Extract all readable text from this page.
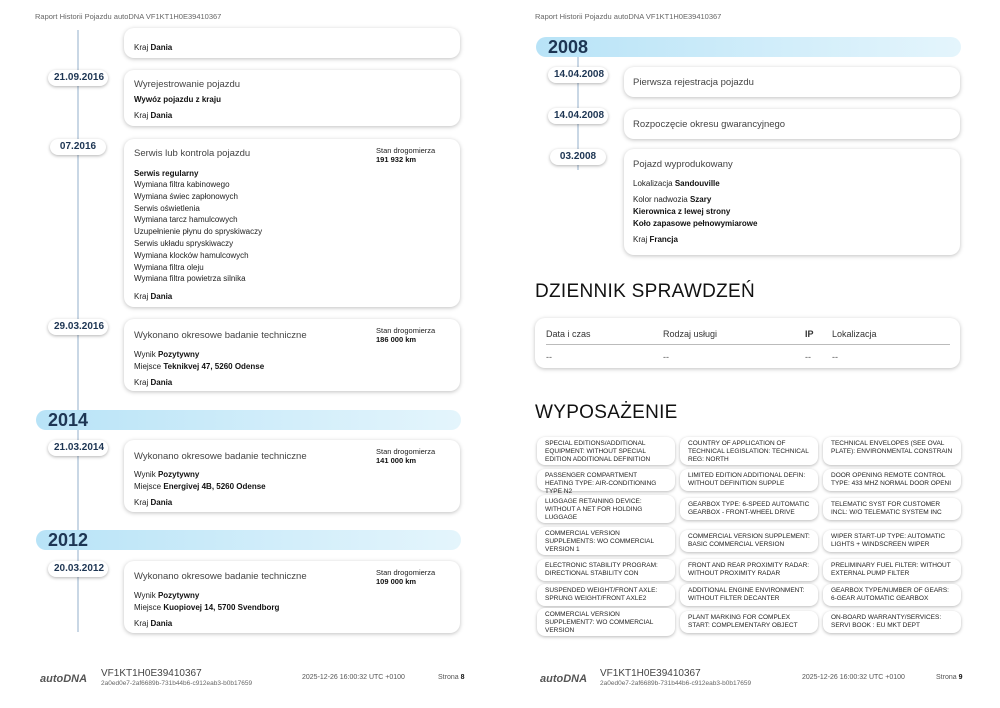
Raport Historii Pojazdu autoDNA VF1KT1H0E39410367
Kraj Dania
21.09.2016
Wyrejestrowanie pojazdu
Wywóz pojazdu z kraju
Kraj Dania
07.2016
Serwis lub kontrola pojazdu	Stan drogomierza
191 932 km
Serwis regularny
Wymiana filtra kabinowego
Wymiana świec zapłonowych
Serwis oświetlenia
Wymiana tarcz hamulcowych
Uzupełnienie płynu do spryskiwaczy
Serwis układu spryskiwaczy
Wymiana klocków hamulcowych
Wymiana filtra oleju
Wymiana filtra powietrza silnika
Kraj Dania
29.03.2016
Wykonano okresowe badanie techniczne	Stan drogomierza
186 000 km
Wynik Pozytywny
Miejsce Teknikvej 47, 5260 Odense
Kraj Dania
2014
21.03.2014
Wykonano okresowe badanie techniczne	Stan drogomierza
141 000 km
Wynik Pozytywny
Miejsce Energivej 4B, 5260 Odense
Kraj Dania
2012
20.03.2012
Wykonano okresowe badanie techniczne	Stan drogomierza
109 000 km
Wynik Pozytywny
Miejsce Kuopiovej 14, 5700 Svendborg
Kraj Dania
autoDNA VF1KT1H0E39410367
2a0ed0e7-2af6689b-731b44b6-c912eab3-b0b17659
2025-12-26 16:00:32 UTC +0100	Strona 8
Raport Historii Pojazdu autoDNA VF1KT1H0E39410367
2008
14.04.2008
Pierwsza rejestracja pojazdu
14.04.2008
Rozpoczęcie okresu gwarancyjnego
03.2008
Pojazd wyprodukowany
Lokalizacja Sandouville
Kolor nadwozia Szary
Kierownica z lewej strony
Koło zapasowe pełnowymiarowe
Kraj Francja
DZIENNIK SPRAWDZEŃ
Data i czas	Rodzaj usługi	IP Lokalizacja
--	--	-- --
WYPOSAŻENIE
SPECIAL EDITIONS/ADDITIONAL EQUIPMENT: WITHOUT SPECIAL EDITION ADDITIONAL DEFINITION
COUNTRY OF APPLICATION OF TECHNICAL LEGISLATION: TECHNICAL REG: NORTH
TECHNICAL ENVELOPES (SEE OVAL PLATE): ENVIRONMENTAL CONSTRAIN
PASSENGER COMPARTMENT HEATING TYPE: AIR-CONDITIONING TYPE N2
LIMITED EDITION ADDITIONAL DEFIN: WITHOUT DEFINITION SUPPLE
DOOR OPENING REMOTE CONTROL TYPE: 433 MHZ NORMAL DOOR OPENI
LUGGAGE RETAINING DEVICE: WITHOUT A NET FOR HOLDING LUGGAGE
GEARBOX TYPE: 6-SPEED AUTOMATIC GEARBOX - FRONT-WHEEL DRIVE
TELEMATIC SYST FOR CUSTOMER INCL: W/O TELEMATIC SYSTEM INC
COMMERCIAL VERSION SUPPLEMENTS: WO COMMERCIAL VERSION 1
COMMERCIAL VERSION SUPPLEMENT: BASIC COMMERCIAL VERSION
WIPER START-UP TYPE: AUTOMATIC LIGHTS + WINDSCREEN WIPER
ELECTRONIC STABILITY PROGRAM: DIRECTIONAL STABILITY CON
FRONT AND REAR PROXIMITY RADAR: WITHOUT PROXIMITY RADAR
PRELIMINARY FUEL FILTER: WITHOUT EXTERNAL PUMP FILTER
SUSPENDED WEIGHT/FRONT AXLE: SPRUNG WEIGHT/FRONT AXLE2
ADDITIONAL ENGINE ENVIRONMENT: WITHOUT FILTER DECANTER
GEARBOX TYPE/NUMBER OF GEARS: 6-GEAR AUTOMATIC GEARBOX
COMMERCIAL VERSION SUPPLEMENT7: WO COMMERCIAL VERSION
PLANT MARKING FOR COMPLEX START: COMPLEMENTARY OBJECT
ON-BOARD WARRANTY/SERVICES: SERVI BOOK : EU MKT DEPT
autoDNA VF1KT1H0E39410367
2a0ed0e7-2af6689b-731b44b6-c912eab3-b0b17659
2025-12-26 16:00:32 UTC +0100	Strona 9
